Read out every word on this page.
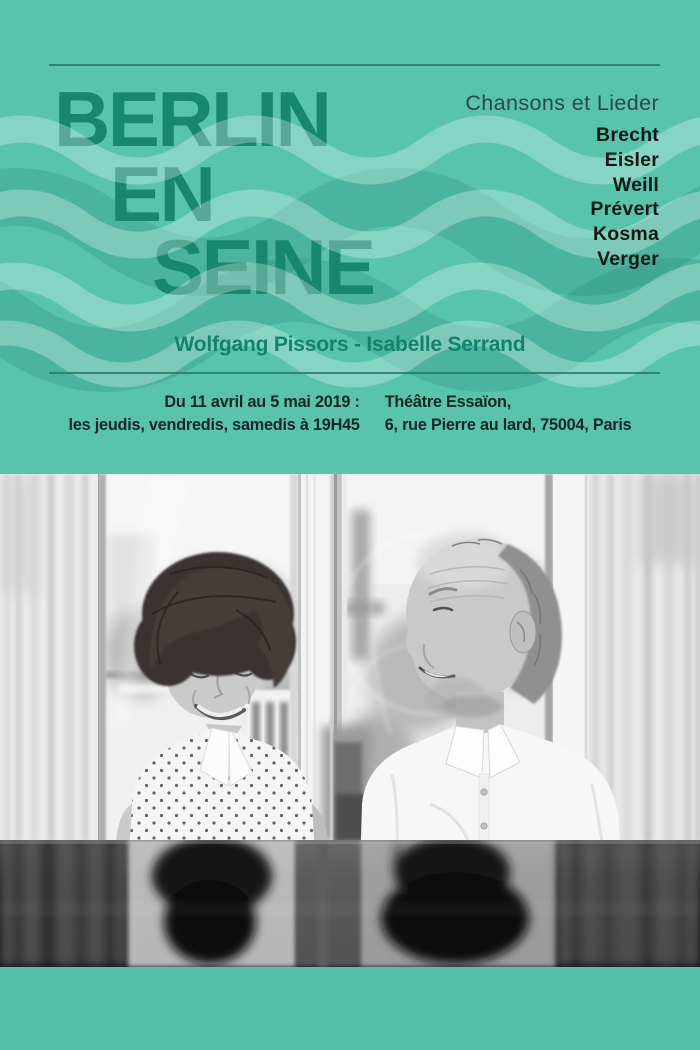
BERLIN
EN
SEINE

Chansons et Lieder

Brecht
Eisler
Weill
Prévert
Kosma
Verger
Wolfgang Pissors - Isabelle Serrand
Du 11 avril au 5 mai 2019 :
les jeudis, vendredis, samedis à 19H45
Théâtre Essaïon,
6, rue Pierre au lard, 75004, Paris
